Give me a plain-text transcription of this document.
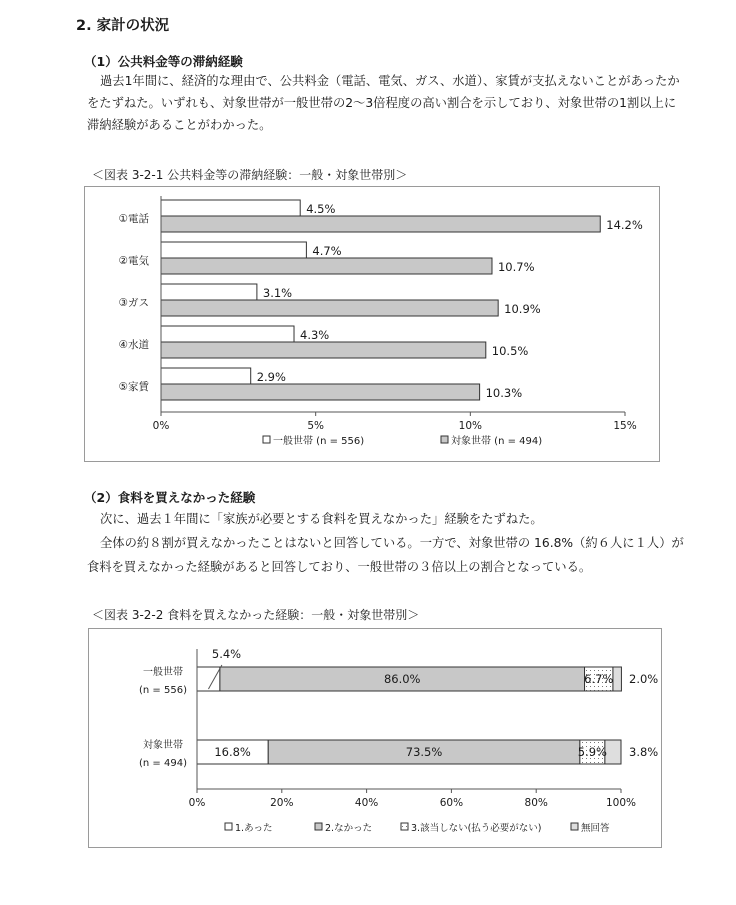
2. 家計の状況
（1）公共料金等の滞納経験
過去1年間に、経済的な理由で、公共料金（電話、電気、ガス、水道）、家賃が支払えないことがあったか
をたずねた。いずれも、対象世帯が一般世帯の2～3倍程度の高い割合を示しており、対象世帯の1割以上に
滞納経験があることがわかった。
＜図表 3-2-1 公共料金等の滞納経験：一般・対象世帯別＞
①電話
4.5%
14.2%
②電気
4.7%
10.7%
③ガス
3.1%
10.9%
④水道
4.3%
10.5%
⑤家賃
2.9%
10.3%
0%	5%	10%	15%
一般世帯 (n = 556)	対象世帯 (n = 494)
（2）食料を買えなかった経験
次に、過去１年間に「家族が必要とする食料を買えなかった」経験をたずねた。
全体の約８割が買えなかったことはないと回答している。一方で、対象世帯の 16.8%（約６人に１人）が
食料を買えなかった経験があると回答しており、一般世帯の３倍以上の割合となっている。
＜図表 3-2-2 食料を買えなかった経験：一般・対象世帯別＞
一般世帯
(n = 556)
5.4%
86.0%	6.7% 2.0%
対象世帯
(n = 494)
16.8%	73.5%	5.9% 3.8%
0%	20%	40%	60%	80%	100%
1.あった	2.なかった	3.該当しない(払う必要がない)	無回答
